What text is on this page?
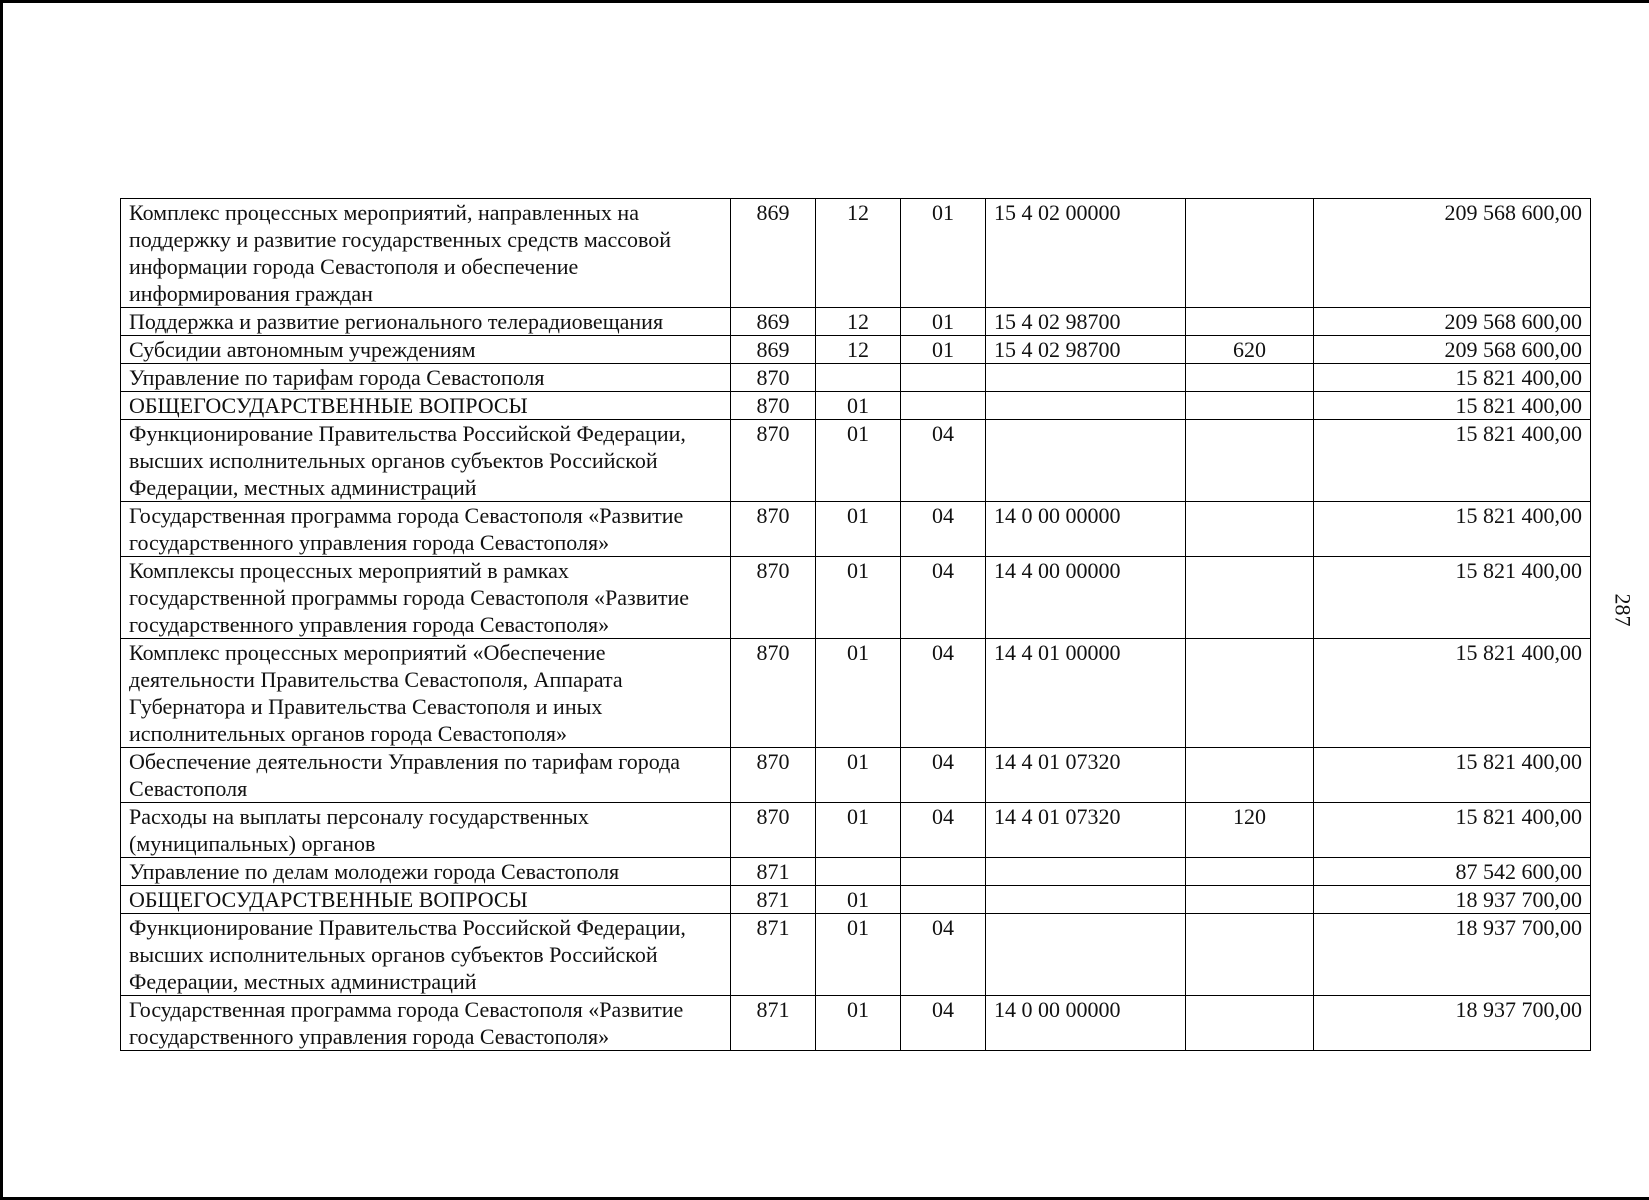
287
Комплекс процессных мероприятий, направленных на поддержку и развитие государственных средств массовой информации города Севастополя и обеспечение информирования граждан	869	12	01	15 4 02 00000		209 568 600,00
Поддержка и развитие регионального телерадиовещания	869	12	01	15 4 02 98700		209 568 600,00
Субсидии автономным учреждениям	869	12	01	15 4 02 98700	620	209 568 600,00
Управление по тарифам города Севастополя	870					15 821 400,00
ОБЩЕГОСУДАРСТВЕННЫЕ ВОПРОСЫ	870	01				15 821 400,00
Функционирование Правительства Российской Федерации, высших исполнительных органов субъектов Российской Федерации, местных администраций	870	01	04			15 821 400,00
Государственная программа города Севастополя «Развитие государственного управления города Севастополя»	870	01	04	14 0 00 00000		15 821 400,00
Комплексы процессных мероприятий в рамках государственной программы города Севастополя «Развитие государственного управления города Севастополя»	870	01	04	14 4 00 00000		15 821 400,00
Комплекс процессных мероприятий «Обеспечение деятельности Правительства Севастополя, Аппарата Губернатора и Правительства Севастополя и иных исполнительных органов города Севастополя»	870	01	04	14 4 01 00000		15 821 400,00
Обеспечение деятельности Управления по тарифам города Севастополя	870	01	04	14 4 01 07320		15 821 400,00
Расходы на выплаты персоналу государственных (муниципальных) органов	870	01	04	14 4 01 07320	120	15 821 400,00
Управление по делам молодежи города Севастополя	871					87 542 600,00
ОБЩЕГОСУДАРСТВЕННЫЕ ВОПРОСЫ	871	01				18 937 700,00
Функционирование Правительства Российской Федерации, высших исполнительных органов субъектов Российской Федерации, местных администраций	871	01	04			18 937 700,00
Государственная программа города Севастополя «Развитие государственного управления города Севастополя»	871	01	04	14 0 00 00000		18 937 700,00
